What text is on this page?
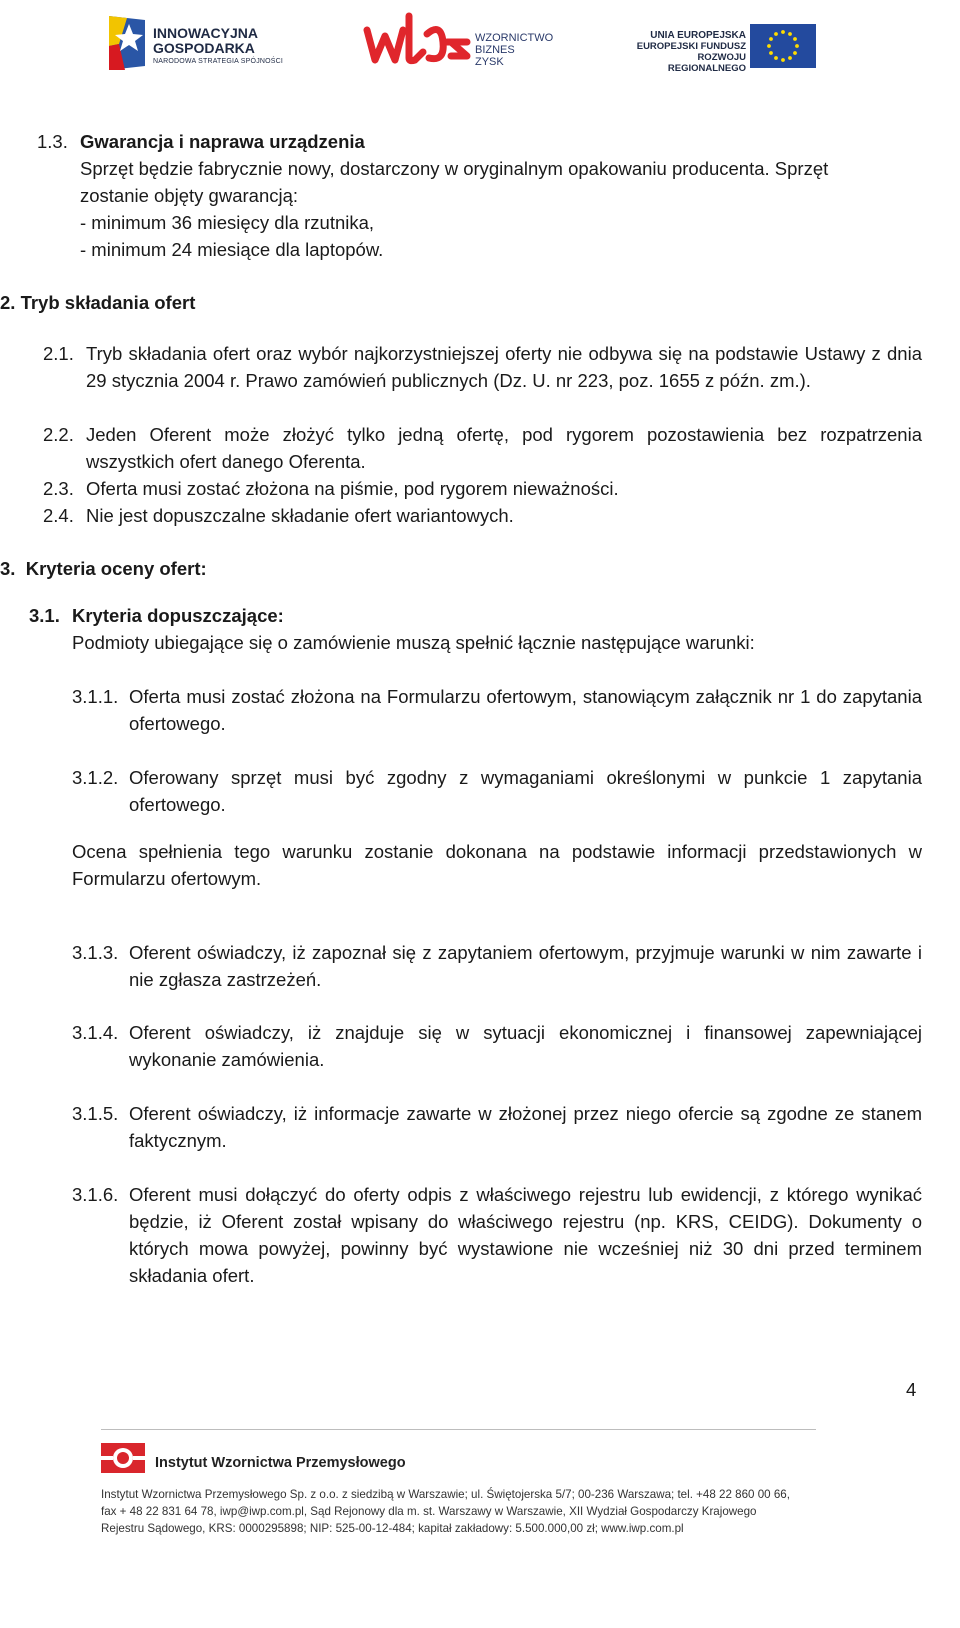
INNOWACYJNA
GOSPODARKA
NARODOWA STRATEGIA SPÓJNOŚCI
WZORNICTWO
BIZNES
ZYSK
UNIA EUROPEJSKA
EUROPEJSKI FUNDUSZ
ROZWOJU REGIONALNEGO
1.3. Gwarancja i naprawa urządzenia
Sprzęt będzie fabrycznie nowy, dostarczony w oryginalnym opakowaniu producenta. Sprzęt
zostanie objęty gwarancją:
- minimum 36 miesięcy dla rzutnika,
- minimum 24 miesiące dla laptopów.
2. Tryb składania ofert
2.1. Tryb składania ofert oraz wybór najkorzystniejszej oferty nie odbywa się na podstawie Ustawy z dnia 29 stycznia 2004 r. Prawo zamówień publicznych (Dz. U. nr 223, poz. 1655 z późn. zm.).
2.2. Jeden Oferent może złożyć tylko jedną ofertę, pod rygorem pozostawienia bez rozpatrzenia wszystkich ofert danego Oferenta.
2.3. Oferta musi zostać złożona na piśmie, pod rygorem nieważności.
2.4. Nie jest dopuszczalne składanie ofert wariantowych.
3.  Kryteria oceny ofert:
3.1. Kryteria dopuszczające:
Podmioty ubiegające się o zamówienie muszą spełnić łącznie następujące warunki:
3.1.1. Oferta musi zostać złożona na Formularzu ofertowym, stanowiącym załącznik nr 1 do zapytania ofertowego.
3.1.2. Oferowany sprzęt musi być zgodny z wymaganiami określonymi w punkcie 1 zapytania ofertowego.
Ocena spełnienia tego warunku zostanie dokonana na podstawie informacji przedstawionych w Formularzu ofertowym.
3.1.3. Oferent oświadczy, iż zapoznał się z zapytaniem ofertowym, przyjmuje warunki w nim zawarte i nie zgłasza zastrzeżeń.
3.1.4. Oferent oświadczy, iż znajduje się w sytuacji ekonomicznej i finansowej zapewniającej wykonanie zamówienia.
3.1.5. Oferent oświadczy, iż informacje zawarte w złożonej przez niego ofercie są zgodne ze stanem faktycznym.
3.1.6. Oferent musi dołączyć do oferty odpis z właściwego rejestru lub ewidencji, z którego wynikać będzie, iż Oferent został wpisany do właściwego rejestru (np. KRS, CEIDG). Dokumenty o których mowa powyżej, powinny być wystawione nie wcześniej niż 30 dni przed terminem składania ofert.
4
Instytut Wzornictwa Przemysłowego
Instytut Wzornictwa Przemysłowego Sp. z o.o. z siedzibą w Warszawie; ul. Świętojerska 5/7; 00-236 Warszawa; tel. +48 22 860 00 66,
fax + 48 22 831 64 78, iwp@iwp.com.pl, Sąd Rejonowy dla m. st. Warszawy w Warszawie, XII Wydział Gospodarczy Krajowego
Rejestru Sądowego, KRS: 0000295898; NIP: 525-00-12-484; kapitał zakładowy: 5.500.000,00 zł; www.iwp.com.pl
